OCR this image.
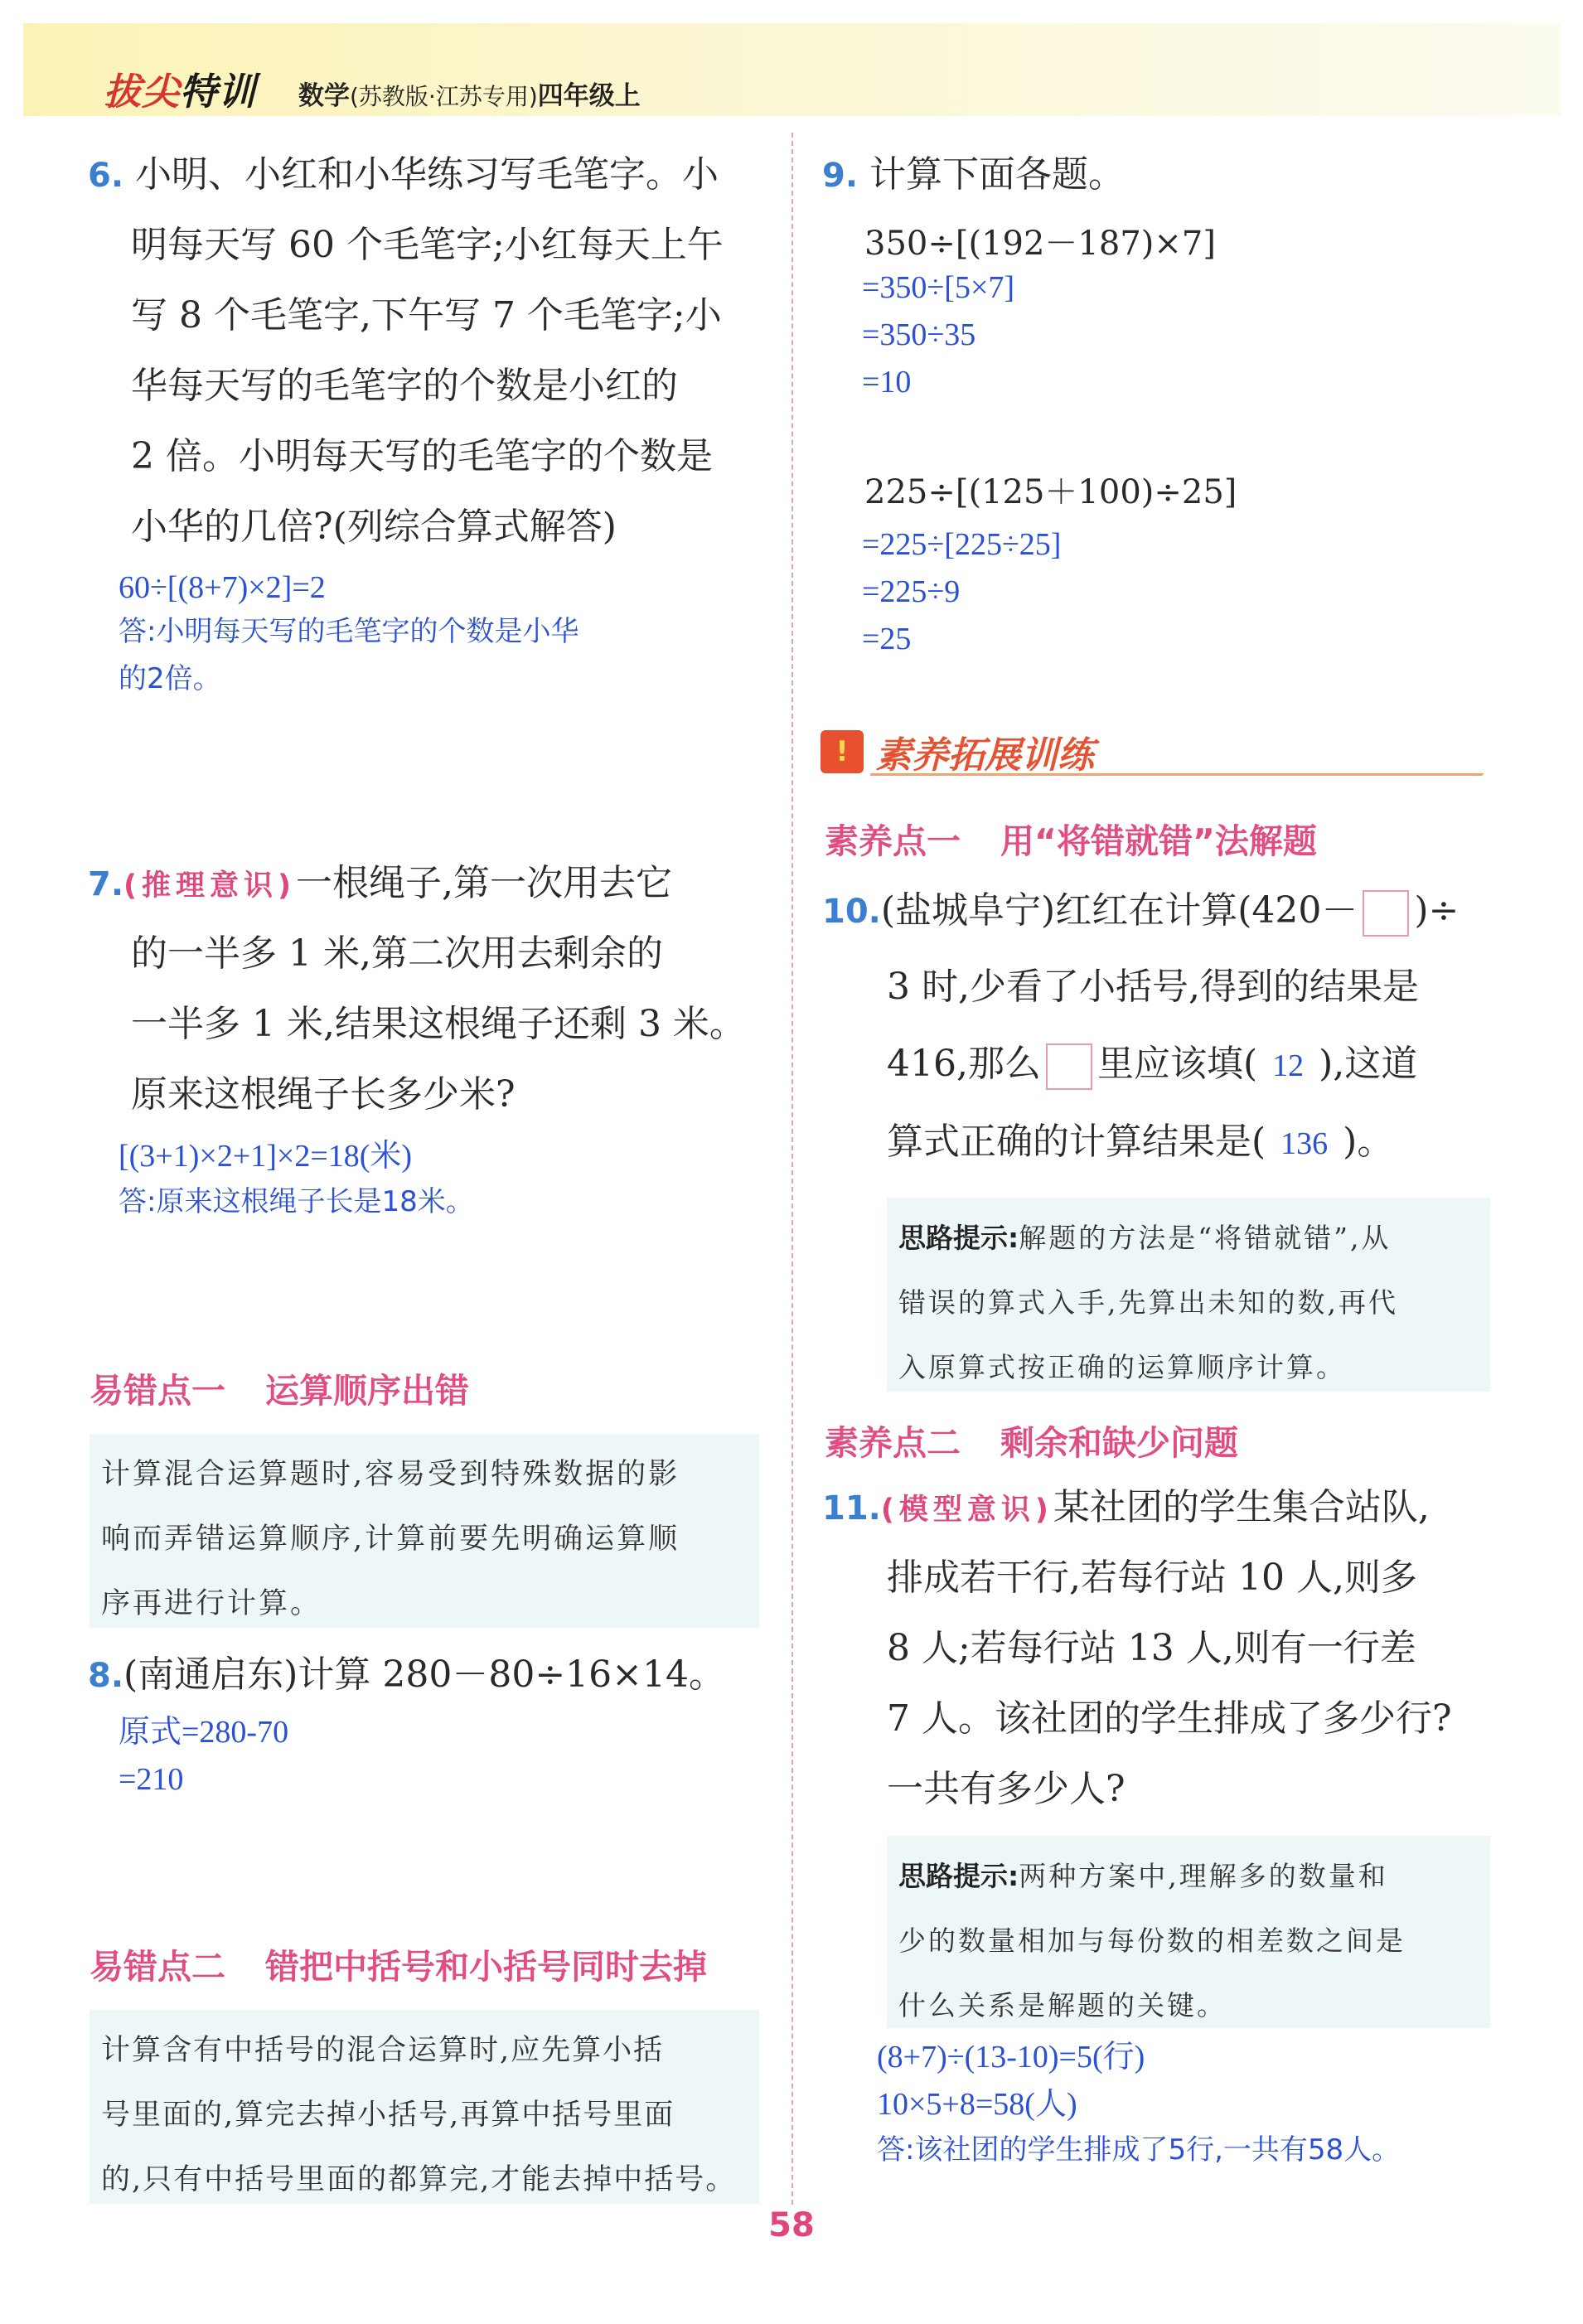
拔尖特训 数学(苏教版·江苏专用)四年级上
6. 小明、小红和小华练习写毛笔字。小
明每天写 60 个毛笔字;小红每天上午
写 8 个毛笔字,下午写 7 个毛笔字;小
华每天写的毛笔字的个数是小红的
2 倍。小明每天写的毛笔字的个数是
小华的几倍?(列综合算式解答)
60÷[(8+7)×2]=2
答:小明每天写的毛笔字的个数是小华
的2倍。
7.(推理意识)一根绳子,第一次用去它
的一半多 1 米,第二次用去剩余的
一半多 1 米,结果这根绳子还剩 3 米。
原来这根绳子长多少米?
[(3+1)×2+1]×2=18(米)
答:原来这根绳子长是18米。
易错点一 运算顺序出错
计算混合运算题时,容易受到特殊数据的影
响而弄错运算顺序,计算前要先明确运算顺
序再进行计算。
8.(南通启东)计算 280－80÷16×14。
原式=280-70
=210
易错点二 错把中括号和小括号同时去掉
计算含有中括号的混合运算时,应先算小括
号里面的,算完去掉小括号,再算中括号里面
的,只有中括号里面的都算完,才能去掉中括号。
9. 计算下面各题。
350÷[(192－187)×7]
=350÷[5×7]
=350÷35
=10
225÷[(125＋100)÷25]
=225÷[225÷25]
=225÷9
=25
! 素养拓展训练
素养点一 用“将错就错”法解题
10.(盐城阜宁)红红在计算(420－ )÷
3 时,少看了小括号,得到的结果是
416,那么 里应该填( 12 ),这道
算式正确的计算结果是( 136 )。
思路提示:解题的方法是“将错就错”,从
错误的算式入手,先算出未知的数,再代
入原算式按正确的运算顺序计算。
素养点二 剩余和缺少问题
11.(模型意识)某社团的学生集合站队,
排成若干行,若每行站 10 人,则多
8 人;若每行站 13 人,则有一行差
7 人。该社团的学生排成了多少行?
一共有多少人?
思路提示:两种方案中,理解多的数量和
少的数量相加与每份数的相差数之间是
什么关系是解题的关键。
(8+7)÷(13-10)=5(行)
10×5+8=58(人)
答:该社团的学生排成了5行,一共有58人。
58
